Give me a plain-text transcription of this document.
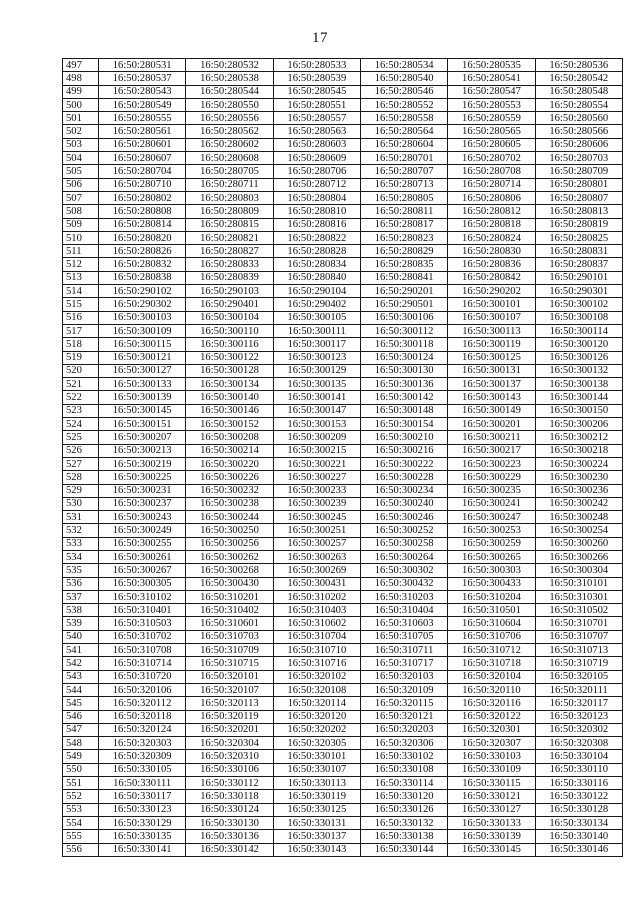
17
497	16:50:280531	16:50:280532	16:50:280533	16:50:280534	16:50:280535	16:50:280536
498	16:50:280537	16:50:280538	16:50:280539	16:50:280540	16:50:280541	16:50:280542
499	16:50:280543	16:50:280544	16:50:280545	16:50:280546	16:50:280547	16:50:280548
500	16:50:280549	16:50:280550	16:50:280551	16:50:280552	16:50:280553	16:50:280554
501	16:50:280555	16:50:280556	16:50:280557	16:50:280558	16:50:280559	16:50:280560
502	16:50:280561	16:50:280562	16:50:280563	16:50:280564	16:50:280565	16:50:280566
503	16:50:280601	16:50:280602	16:50:280603	16:50:280604	16:50:280605	16:50:280606
504	16:50:280607	16:50:280608	16:50:280609	16:50:280701	16:50:280702	16:50:280703
505	16:50:280704	16:50:280705	16:50:280706	16:50:280707	16:50:280708	16:50:280709
506	16:50:280710	16:50:280711	16:50:280712	16:50:280713	16:50:280714	16:50:280801
507	16:50:280802	16:50:280803	16:50:280804	16:50:280805	16:50:280806	16:50:280807
508	16:50:280808	16:50:280809	16:50:280810	16:50:280811	16:50:280812	16:50:280813
509	16:50:280814	16:50:280815	16:50:280816	16:50:280817	16:50:280818	16:50:280819
510	16:50:280820	16:50:280821	16:50:280822	16:50:280823	16:50:280824	16:50:280825
511	16:50:280826	16:50:280827	16:50:280828	16:50:280829	16:50:280830	16:50:280831
512	16:50:280832	16:50:280833	16:50:280834	16:50:280835	16:50:280836	16:50:280837
513	16:50:280838	16:50:280839	16:50:280840	16:50:280841	16:50:280842	16:50:290101
514	16:50:290102	16:50:290103	16:50:290104	16:50:290201	16:50:290202	16:50:290301
515	16:50:290302	16:50:290401	16:50:290402	16:50:290501	16:50:300101	16:50:300102
516	16:50:300103	16:50:300104	16:50:300105	16:50:300106	16:50:300107	16:50:300108
517	16:50:300109	16:50:300110	16:50:300111	16:50:300112	16:50:300113	16:50:300114
518	16:50:300115	16:50:300116	16:50:300117	16:50:300118	16:50:300119	16:50:300120
519	16:50:300121	16:50:300122	16:50:300123	16:50:300124	16:50:300125	16:50:300126
520	16:50:300127	16:50:300128	16:50:300129	16:50:300130	16:50:300131	16:50:300132
521	16:50:300133	16:50:300134	16:50:300135	16:50:300136	16:50:300137	16:50:300138
522	16:50:300139	16:50:300140	16:50:300141	16:50:300142	16:50:300143	16:50:300144
523	16:50:300145	16:50:300146	16:50:300147	16:50:300148	16:50:300149	16:50:300150
524	16:50:300151	16:50:300152	16:50:300153	16:50:300154	16:50:300201	16:50:300206
525	16:50:300207	16:50:300208	16:50:300209	16:50:300210	16:50:300211	16:50:300212
526	16:50:300213	16:50:300214	16:50:300215	16:50:300216	16:50:300217	16:50:300218
527	16:50:300219	16:50:300220	16:50:300221	16:50:300222	16:50:300223	16:50:300224
528	16:50:300225	16:50:300226	16:50:300227	16:50:300228	16:50:300229	16:50:300230
529	16:50:300231	16:50:300232	16:50:300233	16:50:300234	16:50:300235	16:50:300236
530	16:50:300237	16:50:300238	16:50:300239	16:50:300240	16:50:300241	16:50:300242
531	16:50:300243	16:50:300244	16:50:300245	16:50:300246	16:50:300247	16:50:300248
532	16:50:300249	16:50:300250	16:50:300251	16:50:300252	16:50:300253	16:50:300254
533	16:50:300255	16:50:300256	16:50:300257	16:50:300258	16:50:300259	16:50:300260
534	16:50:300261	16:50:300262	16:50:300263	16:50:300264	16:50:300265	16:50:300266
535	16:50:300267	16:50:300268	16:50:300269	16:50:300302	16:50:300303	16:50:300304
536	16:50:300305	16:50:300430	16:50:300431	16:50:300432	16:50:300433	16:50:310101
537	16:50:310102	16:50:310201	16:50:310202	16:50:310203	16:50:310204	16:50:310301
538	16:50:310401	16:50:310402	16:50:310403	16:50:310404	16:50:310501	16:50:310502
539	16:50:310503	16:50:310601	16:50:310602	16:50:310603	16:50:310604	16:50:310701
540	16:50:310702	16:50:310703	16:50:310704	16:50:310705	16:50:310706	16:50:310707
541	16:50:310708	16:50:310709	16:50:310710	16:50:310711	16:50:310712	16:50:310713
542	16:50:310714	16:50:310715	16:50:310716	16:50:310717	16:50:310718	16:50:310719
543	16:50:310720	16:50:320101	16:50:320102	16:50:320103	16:50:320104	16:50:320105
544	16:50:320106	16:50:320107	16:50:320108	16:50:320109	16:50:320110	16:50:320111
545	16:50:320112	16:50:320113	16:50:320114	16:50:320115	16:50:320116	16:50:320117
546	16:50:320118	16:50:320119	16:50:320120	16:50:320121	16:50:320122	16:50:320123
547	16:50:320124	16:50:320201	16:50:320202	16:50:320203	16:50:320301	16:50:320302
548	16:50:320303	16:50:320304	16:50:320305	16:50:320306	16:50:320307	16:50:320308
549	16:50:320309	16:50:320310	16:50:330101	16:50:330102	16:50:330103	16:50:330104
550	16:50:330105	16:50:330106	16:50:330107	16:50:330108	16:50:330109	16:50:330110
551	16:50:330111	16:50:330112	16:50:330113	16:50:330114	16:50:330115	16:50:330116
552	16:50:330117	16:50:330118	16:50:330119	16:50:330120	16:50:330121	16:50:330122
553	16:50:330123	16:50:330124	16:50:330125	16:50:330126	16:50:330127	16:50:330128
554	16:50:330129	16:50:330130	16:50:330131	16:50:330132	16:50:330133	16:50:330134
555	16:50:330135	16:50:330136	16:50:330137	16:50:330138	16:50:330139	16:50:330140
556	16:50:330141	16:50:330142	16:50:330143	16:50:330144	16:50:330145	16:50:330146
